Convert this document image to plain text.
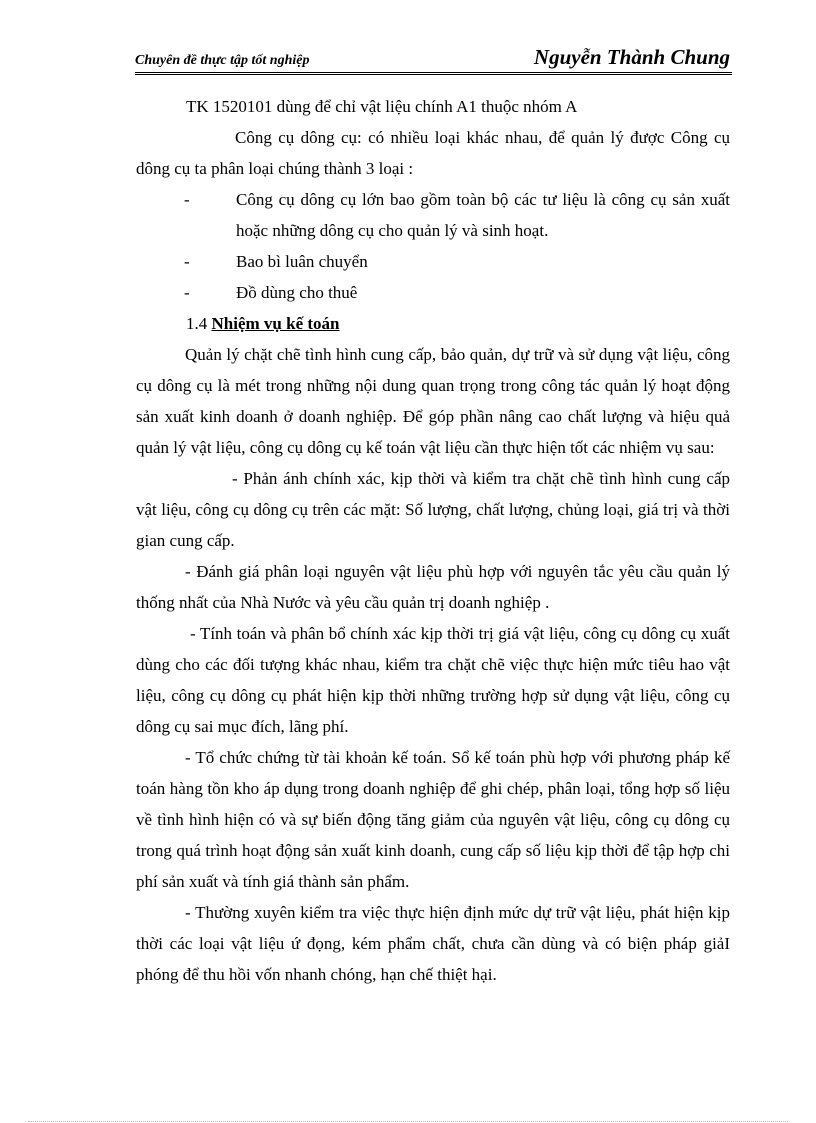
Chuyên đề thực tập tốt nghiệp	Nguyễn Thành Chung

TK 1520101 dùng để chỉ vật liệu chính A1 thuộc nhóm A

Công cụ dông cụ: có nhiều loại khác nhau, để quản lý được Công cụ dông cụ ta phân loại chúng thành 3 loại :

-	Công cụ dông cụ lớn bao gồm toàn bộ các tư liệu là công cụ sản xuất hoặc những dông cụ cho quản lý và sinh hoạt.
-	Bao bì luân chuyển
-	Đồ dùng cho thuê

1.4 Nhiệm vụ kế toán

Quản lý chặt chẽ tình hình cung cấp, bảo quản, dự trữ và sử dụng vật liệu, công cụ dông cụ là mét trong những nội dung quan trọng trong công tác quản lý hoạt động sản xuất kinh doanh ở doanh nghiệp. Để góp phần nâng cao chất lượng và hiệu quả quản lý vật liệu, công cụ dông cụ kế toán vật liệu cần thực hiện tốt các nhiệm vụ sau:

- Phản ánh chính xác, kịp thời và kiểm tra chặt chẽ tình hình cung cấp vật liệu, công cụ dông cụ trên các mặt: Số lượng, chất lượng, chủng loại, giá trị và thời gian cung cấp.

- Đánh giá phân loại nguyên vật liệu phù hợp với nguyên tắc yêu cầu quản lý thống nhất của Nhà Nước và yêu cầu quản trị doanh nghiệp .

- Tính toán và phân bổ chính xác kịp thời trị giá vật liệu, công cụ dông cụ xuất dùng cho các đối tượng khác nhau, kiểm tra chặt chẽ việc thực hiện mức tiêu hao vật liệu, công cụ dông cụ phát hiện kịp thời những trường hợp sử dụng vật liệu, công cụ dông cụ sai mục đích, lãng phí.

- Tổ chức chứng từ tài khoản kế toán. Sổ kế toán phù hợp với phương pháp kế toán hàng tồn kho áp dụng trong doanh nghiệp để ghi chép, phân loại, tổng hợp số liệu về tình hình hiện có và sự biến động tăng giảm của nguyên vật liệu, công cụ dông cụ trong quá trình hoạt động sản xuất kinh doanh, cung cấp số liệu kịp thời để tập hợp chi phí sản xuất và tính giá thành sản phẩm.

- Thường xuyên kiểm tra việc thực hiện định mức dự trữ vật liệu, phát hiện kịp thời các loại vật liệu ứ đọng, kém phẩm chất, chưa cần dùng và có biện pháp giảI phóng để thu hồi vốn nhanh chóng, hạn chế thiệt hại.
